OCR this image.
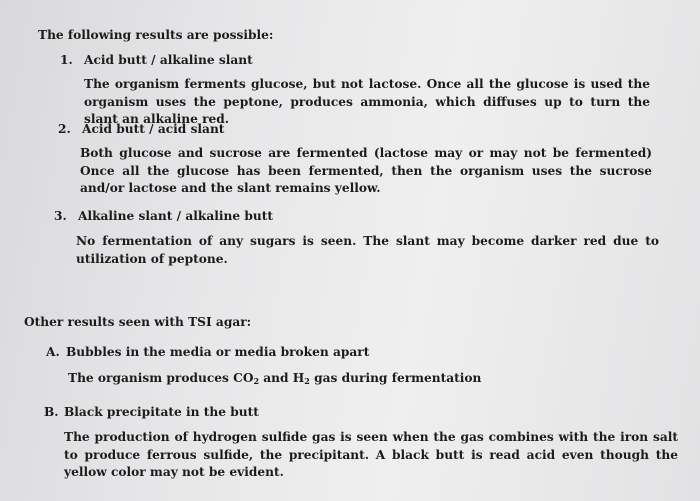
The following results are possible:
1. Acid butt / alkaline slant
The organism ferments glucose, but not lactose. Once all the glucose is used the organism uses the peptone, produces ammonia, which diffuses up to turn the slant an alkaline red.
2. Acid butt / acid slant
Both glucose and sucrose are fermented (lactose may or may not be fermented) Once all the glucose has been fermented, then the organism uses the sucrose and/or lactose and the slant remains yellow.
3. Alkaline slant / alkaline butt
No fermentation of any sugars is seen. The slant may become darker red due to utilization of peptone.
Other results seen with TSI agar:
A. Bubbles in the media or media broken apart
The organism produces $CO_2$ and $H_2$ gas during fermentation
B. Black precipitate in the butt
The production of hydrogen sulfide gas is seen when the gas combines with the iron salt to produce ferrous sulfide, the precipitant. A black butt is read acid even though the yellow color may not be evident.
